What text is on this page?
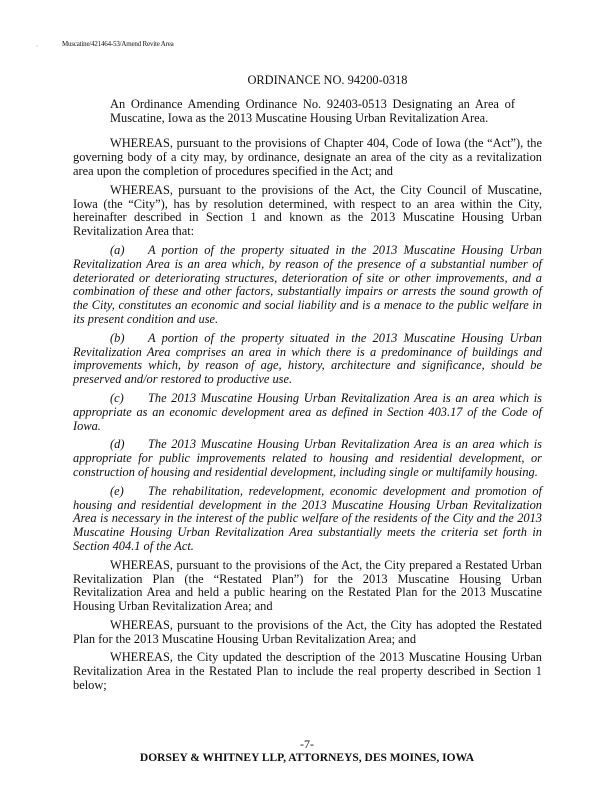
·	Muscatine/421464-53/Amend Revite Area

ORDINANCE NO. 94200-0318

An Ordinance Amending Ordinance No. 92403-0513 Designating an Area of Muscatine, Iowa as the 2013 Muscatine Housing Urban Revitalization Area.

WHEREAS, pursuant to the provisions of Chapter 404, Code of Iowa (the “Act”), the governing body of a city may, by ordinance, designate an area of the city as a revitalization area upon the completion of procedures specified in the Act; and

WHEREAS, pursuant to the provisions of the Act, the City Council of Muscatine, Iowa (the “City”), has by resolution determined, with respect to an area within the City, hereinafter described in Section 1 and known as the 2013 Muscatine Housing Urban Revitalization Area that:

(a) A portion of the property situated in the 2013 Muscatine Housing Urban Revitalization Area is an area which, by reason of the presence of a substantial number of deteriorated or deteriorating structures, deterioration of site or other improvements, and a combination of these and other factors, substantially impairs or arrests the sound growth of the City, constitutes an economic and social liability and is a menace to the public welfare in its present condition and use.

(b) A portion of the property situated in the 2013 Muscatine Housing Urban Revitalization Area comprises an area in which there is a predominance of buildings and improvements which, by reason of age, history, architecture and significance, should be preserved and/or restored to productive use.

(c) The 2013 Muscatine Housing Urban Revitalization Area is an area which is appropriate as an economic development area as defined in Section 403.17 of the Code of Iowa.

(d) The 2013 Muscatine Housing Urban Revitalization Area is an area which is appropriate for public improvements related to housing and residential development, or construction of housing and residential development, including single or multifamily housing.

(e) The rehabilitation, redevelopment, economic development and promotion of housing and residential development in the 2013 Muscatine Housing Urban Revitalization Area is necessary in the interest of the public welfare of the residents of the City and the 2013 Muscatine Housing Urban Revitalization Area substantially meets the criteria set forth in Section 404.1 of the Act.

WHEREAS, pursuant to the provisions of the Act, the City prepared a Restated Urban Revitalization Plan (the “Restated Plan”) for the 2013 Muscatine Housing Urban Revitalization Area and held a public hearing on the Restated Plan for the 2013 Muscatine Housing Urban Revitalization Area; and

WHEREAS, pursuant to the provisions of the Act, the City has adopted the Restated Plan for the 2013 Muscatine Housing Urban Revitalization Area; and

WHEREAS, the City updated the description of the 2013 Muscatine Housing Urban Revitalization Area in the Restated Plan to include the real property described in Section 1 below;

-7-
DORSEY & WHITNEY LLP, ATTORNEYS, DES MOINES, IOWA
